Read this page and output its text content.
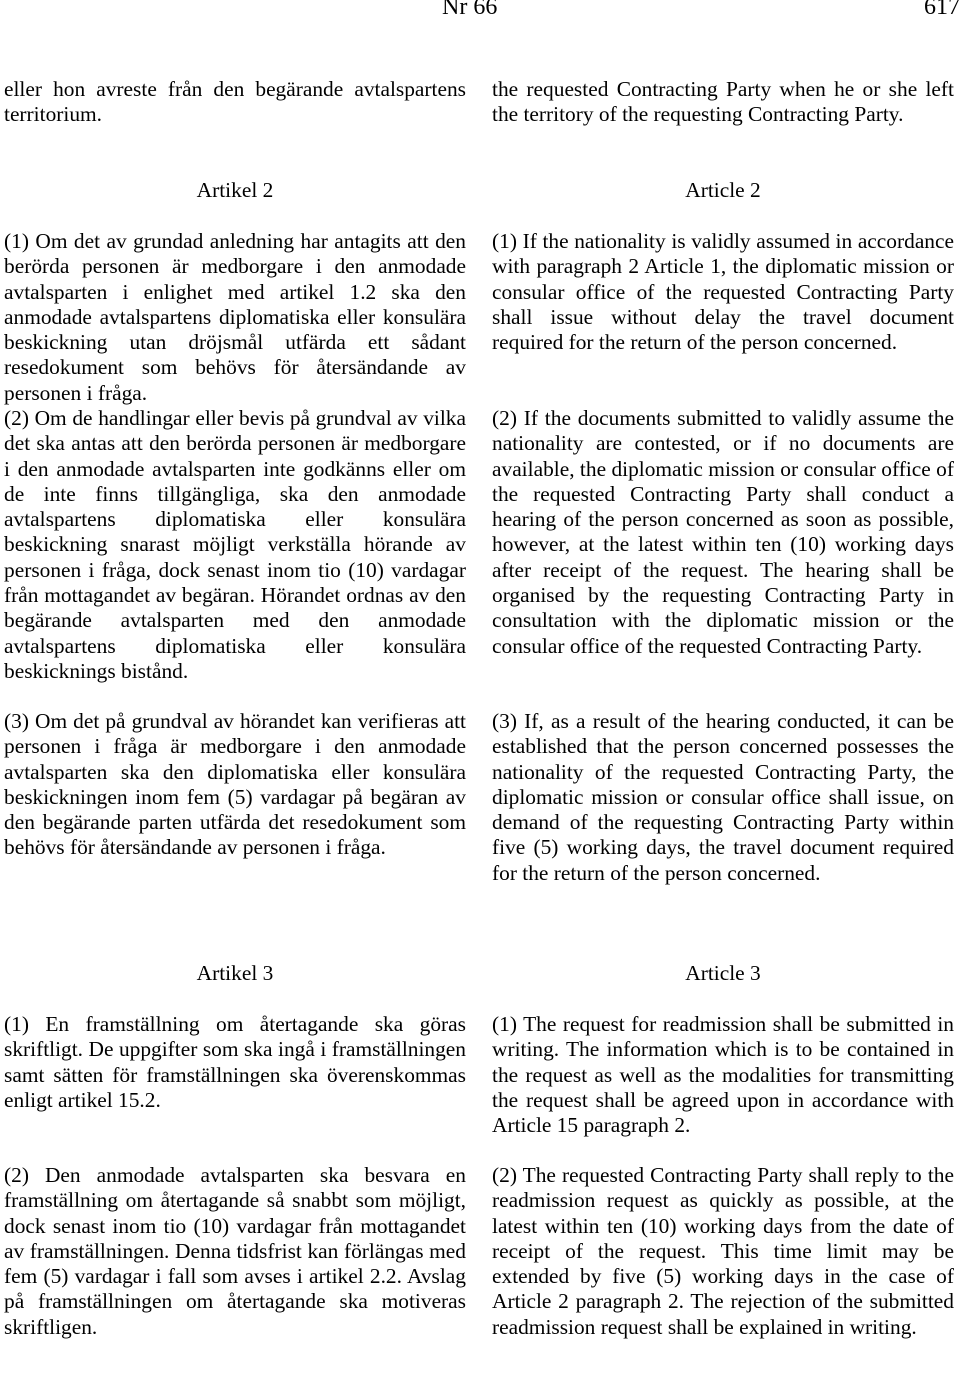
Nr 66	617

eller hon avreste från den begärande avtalspartens territorium.

Artikel 2

(1) Om det av grundad anledning har antagits att den berörda personen är medborgare i den anmodade avtalsparten i enlighet med artikel 1.2 ska den anmodade avtalspartens diplomatiska eller konsulära beskickning utan dröjsmål utfärda ett sådant resedokument som behövs för återsändande av personen i fråga.

(2) Om de handlingar eller bevis på grundval av vilka det ska antas att den berörda personen är medborgare i den anmodade avtalsparten inte godkänns eller om de inte finns tillgängliga, ska den anmodade avtalspartens diplomatiska eller konsulära beskickning snarast möjligt verkställa hörande av personen i fråga, dock senast inom tio (10) vardagar från mottagandet av begäran. Hörandet ordnas av den begärande avtalsparten med den anmodade avtalspartens diplomatiska eller konsulära beskicknings bistånd.

(3) Om det på grundval av hörandet kan verifieras att personen i fråga är medborgare i den anmodade avtalsparten ska den diplomatiska eller konsulära beskickningen inom fem (5) vardagar på begäran av den begärande parten utfärda det resedokument som behövs för återsändande av personen i fråga.

Artikel 3

(1) En framställning om återtagande ska göras skriftligt. De uppgifter som ska ingå i framställningen samt sätten för framställningen ska överenskommas enligt artikel 15.2.

(2) Den anmodade avtalsparten ska besvara en framställning om återtagande så snabbt som möjligt, dock senast inom tio (10) vardagar från mottagandet av framställningen. Denna tidsfrist kan förlängas med fem (5) vardagar i fall som avses i artikel 2.2. Avslag på framställningen om återtagande ska motiveras skriftligen.

the requested Contracting Party when he or she left the territory of the requesting Contracting Party.

Article 2

(1) If the nationality is validly assumed in accordance with paragraph 2 Article 1, the diplomatic mission or consular office of the requested Contracting Party shall issue without delay the travel document required for the return of the person concerned.

(2) If the documents submitted to validly assume the nationality are contested, or if no documents are available, the diplomatic mission or consular office of the requested Contracting Party shall conduct a hearing of the person concerned as soon as possible, however, at the latest within ten (10) working days after receipt of the request. The hearing shall be organised by the requesting Contracting Party in consultation with the diplomatic mission or the consular office of the requested Contracting Party.

(3) If, as a result of the hearing conducted, it can be established that the person concerned possesses the nationality of the requested Contracting Party, the diplomatic mission or consular office shall issue, on demand of the requesting Contracting Party within five (5) working days, the travel document required for the return of the person concerned.

Article 3

(1) The request for readmission shall be submitted in writing. The information which is to be contained in the request as well as the modalities for transmitting the request shall be agreed upon in accordance with Article 15 paragraph 2.

(2) The requested Contracting Party shall reply to the readmission request as quickly as possible, at the latest within ten (10) working days from the date of receipt of the request. This time limit may be extended by five (5) working days in the case of Article 2 paragraph 2. The rejection of the submitted readmission request shall be explained in writing.
